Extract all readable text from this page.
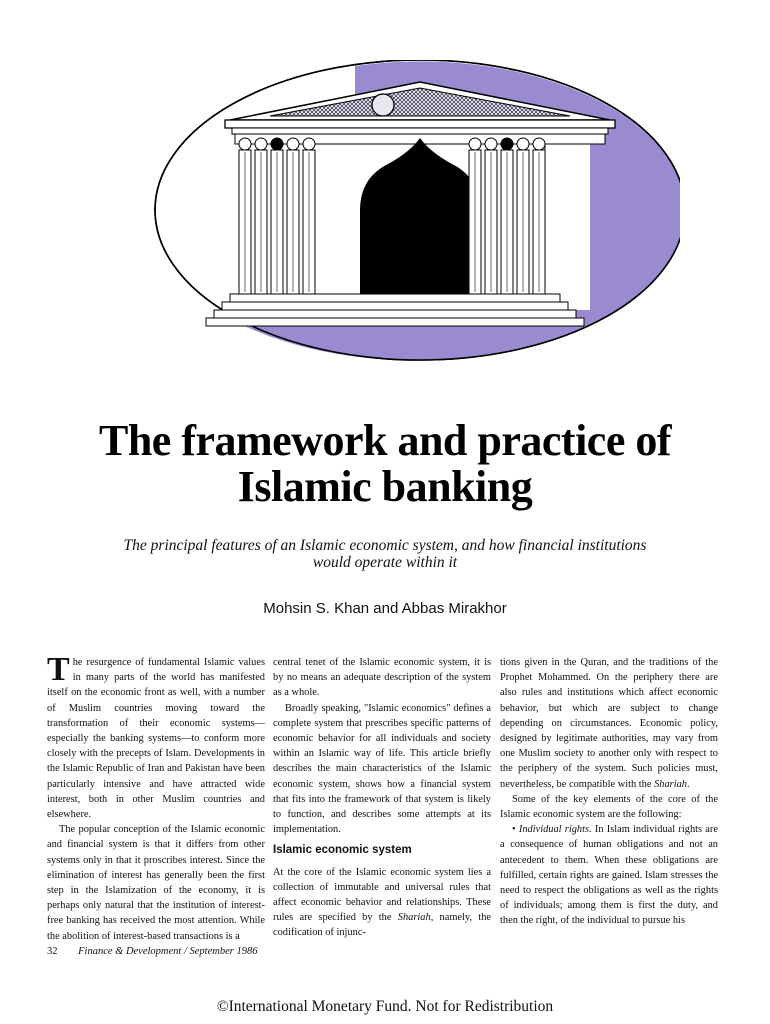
The framework and practice of
Islamic banking
The principal features of an Islamic economic system, and how financial institutions
would operate within it
Mohsin S. Khan and Abbas Mirakhor

The resurgence of fundamental Islamic values in many parts of the world has manifested itself on the economic front as well, with a number of Muslim countries moving toward the transformation of their economic systems—especially the banking systems—to conform more closely with the precepts of Islam. Developments in the Islamic Republic of Iran and Pakistan have been particularly intensive and have attracted wide interest, both in other Muslim countries and elsewhere.

The popular conception of the Islamic economic and financial system is that it differs from other systems only in that it proscribes interest. Since the elimination of interest has generally been the first step in the Islamization of the economy, it is perhaps only natural that the institution of interest-free banking has received the most attention. While the abolition of interest-based transactions is a

central tenet of the Islamic economic system, it is by no means an adequate description of the system as a whole.

Broadly speaking, "Islamic economics" defines a complete system that prescribes specific patterns of economic behavior for all individuals and society within an Islamic way of life. This article briefly describes the main characteristics of the Islamic economic system, shows how a financial system that fits into the framework of that system is likely to function, and describes some attempts at its implementation.

Islamic economic system

At the core of the Islamic economic system lies a collection of immutable and universal rules that affect economic behavior and relationships. These rules are specified by the Shariah, namely, the codification of injunc-

tions given in the Quran, and the traditions of the Prophet Mohammed. On the periphery there are also rules and institutions which affect economic behavior, but which are subject to change depending on circumstances. Economic policy, designed by legitimate authorities, may vary from one Muslim society to another only with respect to the periphery of the system. Such policies must, nevertheless, be compatible with the Shariah.

Some of the key elements of the core of the Islamic economic system are the following:

• Individual rights. In Islam individual rights are a consequence of human obligations and not an antecedent to them. When these obligations are fulfilled, certain rights are gained. Islam stresses the need to respect the obligations as well as the rights of individuals; among them is first the duty, and then the right, of the individual to pursue his

32 Finance & Development / September 1986
©International Monetary Fund. Not for Redistribution
